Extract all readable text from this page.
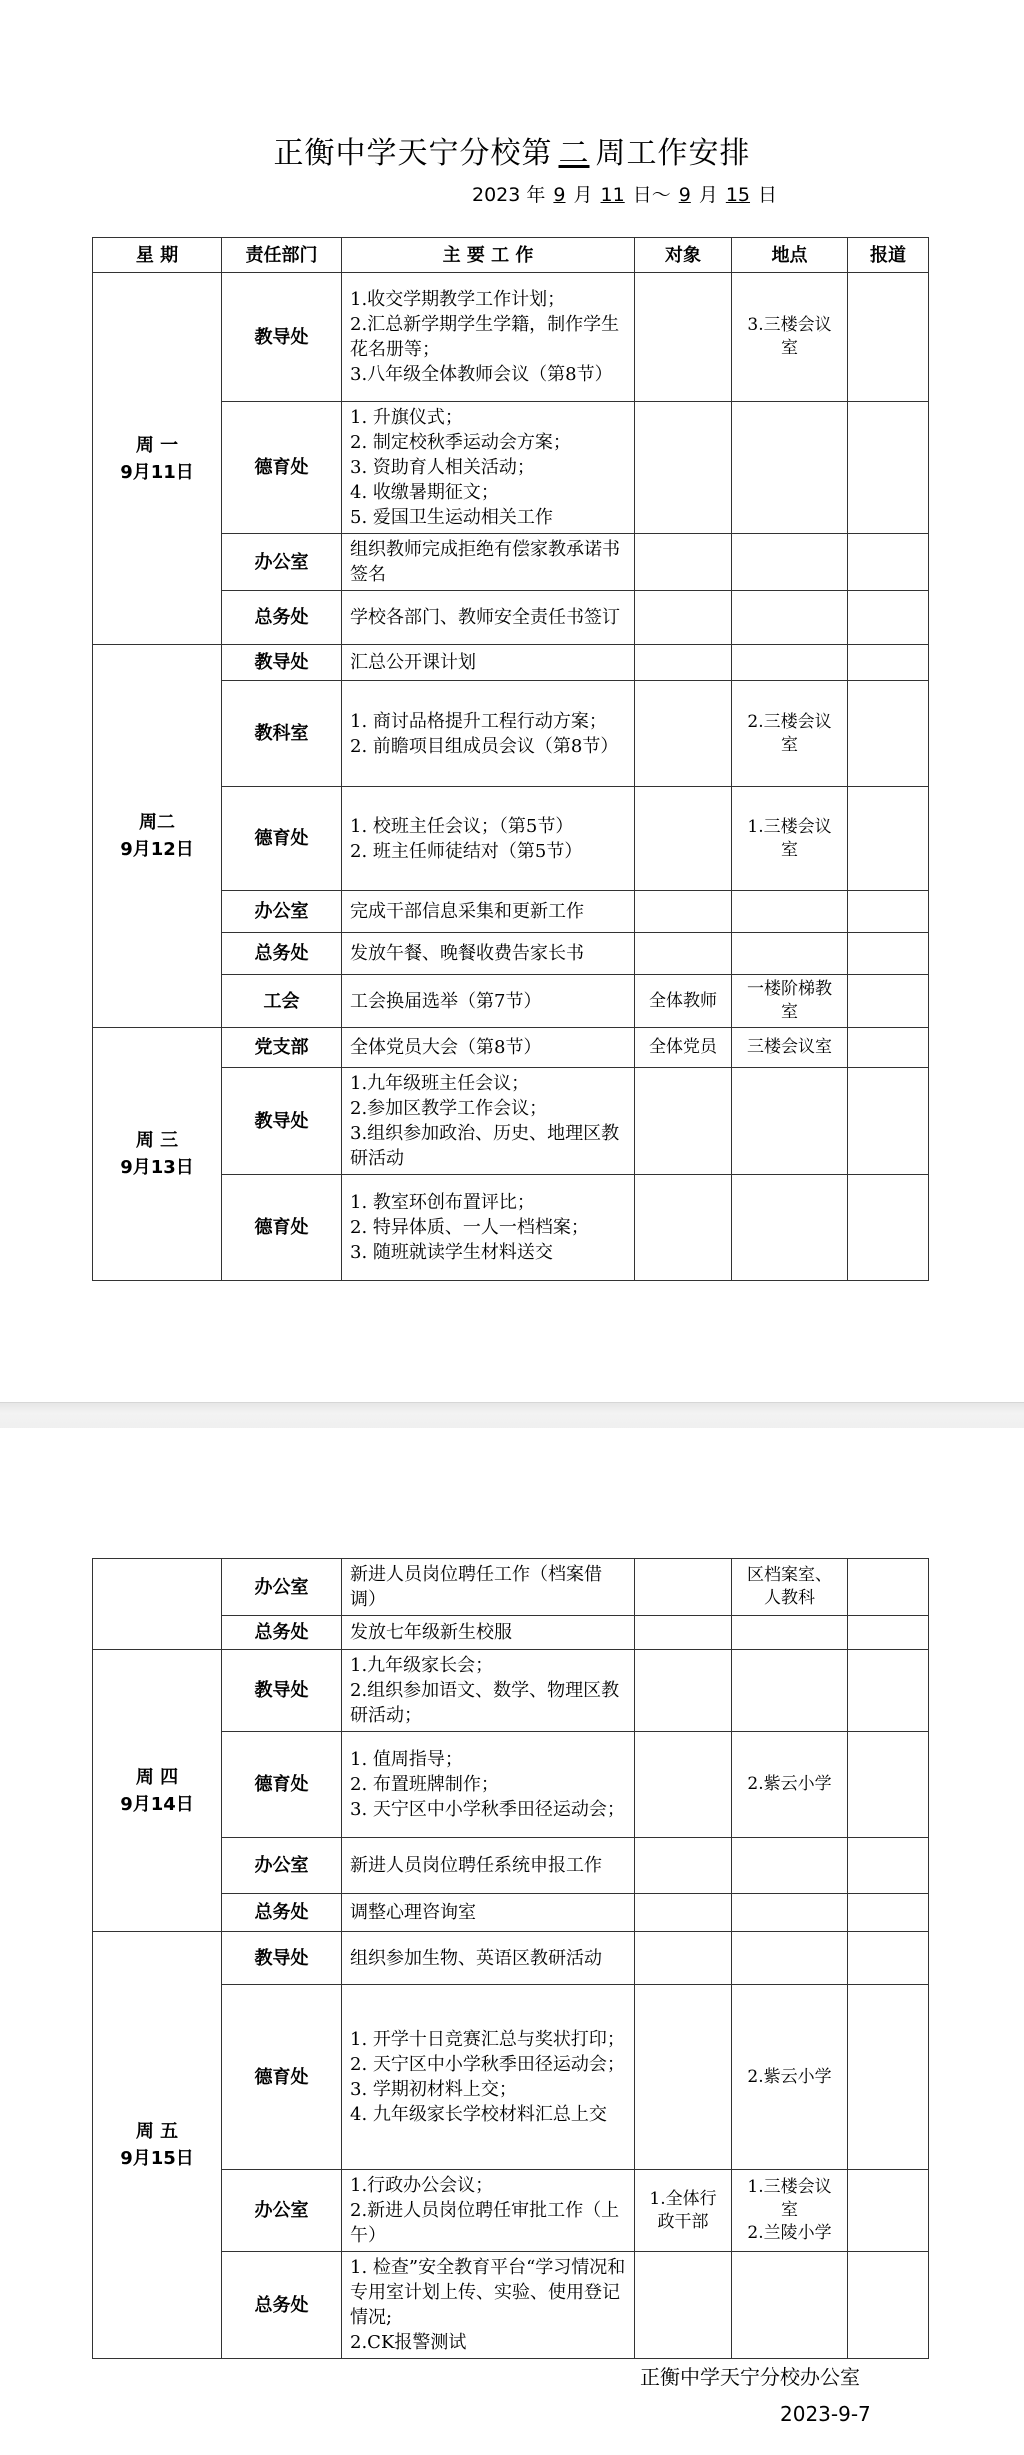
正衡中学天宁分校第 二 周工作安排
2023 年 9 月 11 日～ 9 月 15 日
星 期	责任部门	主 要 工 作	对象	地点	报道

周 一
9月11日	教导处	1.收交学期教学工作计划；
2.汇总新学期学生学籍，制作学生花名册等；
3.八年级全体教师会议（第8节）		3.三楼会议室	
	德育处	1. 升旗仪式；
2. 制定校秋季运动会方案；
3. 资助育人相关活动；
4. 收缴暑期征文；
5. 爱国卫生运动相关工作			

	办公室	组织教师完成拒绝有偿家教承诺书签名			
	总务处	学校各部门、教师安全责任书签订			

周二
9月12日	教导处	汇总公开课计划			
	教科室	1. 商讨品格提升工程行动方案；
2. 前瞻项目组成员会议（第8节）		2.三楼会议室	
	德育处	1. 校班主任会议；（第5节）
2. 班主任师徒结对（第5节）		1.三楼会议室	
	办公室	完成干部信息采集和更新工作			
	总务处	发放午餐、晚餐收费告家长书			
	工会	工会换届选举（第7节）	全体教师	一楼阶梯教室	

周 三
9月13日	党支部	全体党员大会（第8节）	全体党员	三楼会议室	
	教导处	1.九年级班主任会议；
2.参加区教学工作会议；
3.组织参加政治、历史、地理区教研活动			

	德育处	1. 教室环创布置评比；
2. 特异体质、一人一档档案；
3. 随班就读学生材料送交			

	办公室	新进人员岗位聘任工作（档案借调）		区档案室、人教科	
	总务处	发放七年级新生校服			

周 四
9月14日	教导处	1.九年级家长会；
2.组织参加语文、数学、物理区教研活动；			

	德育处	1. 值周指导；
2. 布置班牌制作；
3. 天宁区中小学秋季田径运动会；		2.紫云小学	
	办公室	新进人员岗位聘任系统申报工作			
	总务处	调整心理咨询室			

周 五
9月15日	教导处	组织参加生物、英语区教研活动			
	德育处	1. 开学十日竞赛汇总与奖状打印；
2. 天宁区中小学秋季田径运动会；
3. 学期初材料上交；
4. 九年级家长学校材料汇总上交		2.紫云小学	
	办公室	1.行政办公会议；
2.新进人员岗位聘任审批工作（上午）	1.全体行政干部	1.三楼会议室
2.兰陵小学	

	总务处	1. 检查”安全教育平台“学习情况和专用室计划上传、实验、使用登记情况;
2.CK报警测试			

正衡中学天宁分校办公室
2023-9-7
